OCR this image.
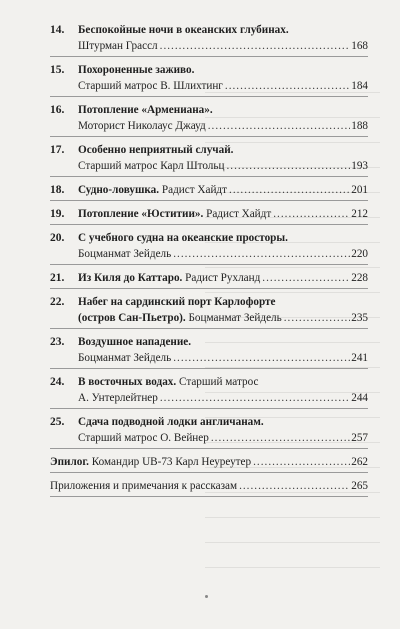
14. Беспокойные ночи в океанских глубинах.
Штурман Грассл .....	168
15. Похороненные заживо.
Старший матрос В. Шлихтинг .....	184
16. Потопление «Армениана».
Моторист Николаус Джауд .....	188
17. Особенно неприятный случай.
Старший матрос Карл Штольц .....	193
18. Судно-ловушка. Радист Хайдт .....	201
19. Потопление «Юститии». Радист Хайдт .....	212
20. С учебного судна на океанские просторы.
Боцманмат Зейдель .....	220
21. Из Киля до Каттаро. Радист Рухланд .....	228
22. Набег на сардинский порт Карлофорте
(остров Сан-Пьетро). Боцманмат Зейдель .....	235
23. Воздушное нападение.
Боцманмат Зейдель .....	241
24. В восточных водах. Старший матрос
А. Унтерлейтнер .....	244
25. Сдача подводной лодки англичанам.
Старший матрос О. Вейнер .....	257
Эпилог. Командир UB-73 Карл Неуреутер .....	262
Приложения и примечания к рассказам .....	265
